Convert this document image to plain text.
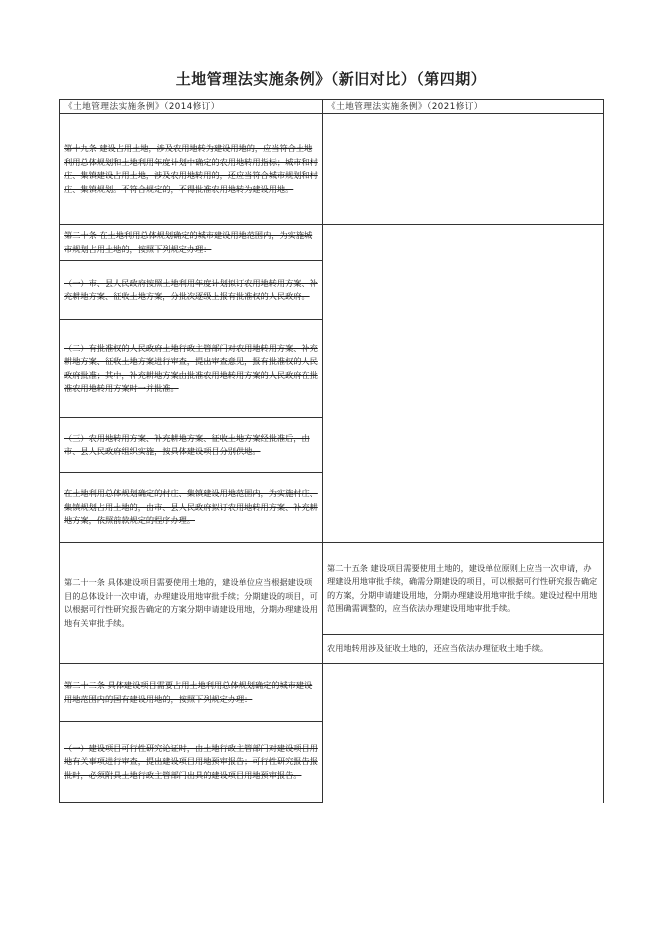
土地管理法实施条例》（新旧对比）（第四期）
《土地管理法实施条例》（2014修订）	《土地管理法实施条例》（2021修订）
第十九条 建设占用土地，涉及农用地转为建设用地的，应当符合土地利用总体规划和土地利用年度计划中确定的农用地转用指标；城市和村庄、集镇建设占用土地，涉及农用地转用的，还应当符合城市规划和村庄、集镇规划。不符合规定的，不得批准农用地转为建设用地。
第二十条 在土地利用总体规划确定的城市建设用地范围内，为实施城市规划占用土地的，按照下列规定办理：
（一）市、县人民政府按照土地利用年度计划拟订农用地转用方案、补充耕地方案、征收土地方案，分批次逐级上报有批准权的人民政府。
（二）有批准权的人民政府土地行政主管部门对农用地转用方案、补充耕地方案、征收土地方案进行审查，提出审查意见，报有批准权的人民政府批准；其中，补充耕地方案由批准农用地转用方案的人民政府在批准农用地转用方案时一并批准。
（三）农用地转用方案、补充耕地方案、征收土地方案经批准后，由市、县人民政府组织实施，按具体建设项目分别供地。
在土地利用总体规划确定的村庄、集镇建设用地范围内，为实施村庄、集镇规划占用土地的，由市、县人民政府拟订农用地转用方案、补充耕地方案，依照前款规定的程序办理。
第二十一条 具体建设项目需要使用土地的，建设单位应当根据建设项目的总体设计一次申请，办理建设用地审批手续；分期建设的项目，可以根据可行性研究报告确定的方案分期申请建设用地，分期办理建设用地有关审批手续。
第二十二条 具体建设项目需要占用土地利用总体规划确定的城市建设用地范围内的国有建设用地的，按照下列规定办理：
（一）建设项目可行性研究论证时，由土地行政主管部门对建设项目用地有关事项进行审查，提出建设项目用地预审报告；可行性研究报告报批时，必须附具土地行政主管部门出具的建设项目用地预审报告。
第二十五条 建设项目需要使用土地的，建设单位原则上应当一次申请，办理建设用地审批手续，确需分期建设的项目，可以根据可行性研究报告确定的方案，分期申请建设用地，分期办理建设用地审批手续。建设过程中用地范围确需调整的，应当依法办理建设用地审批手续。
农用地转用涉及征收土地的，还应当依法办理征收土地手续。
